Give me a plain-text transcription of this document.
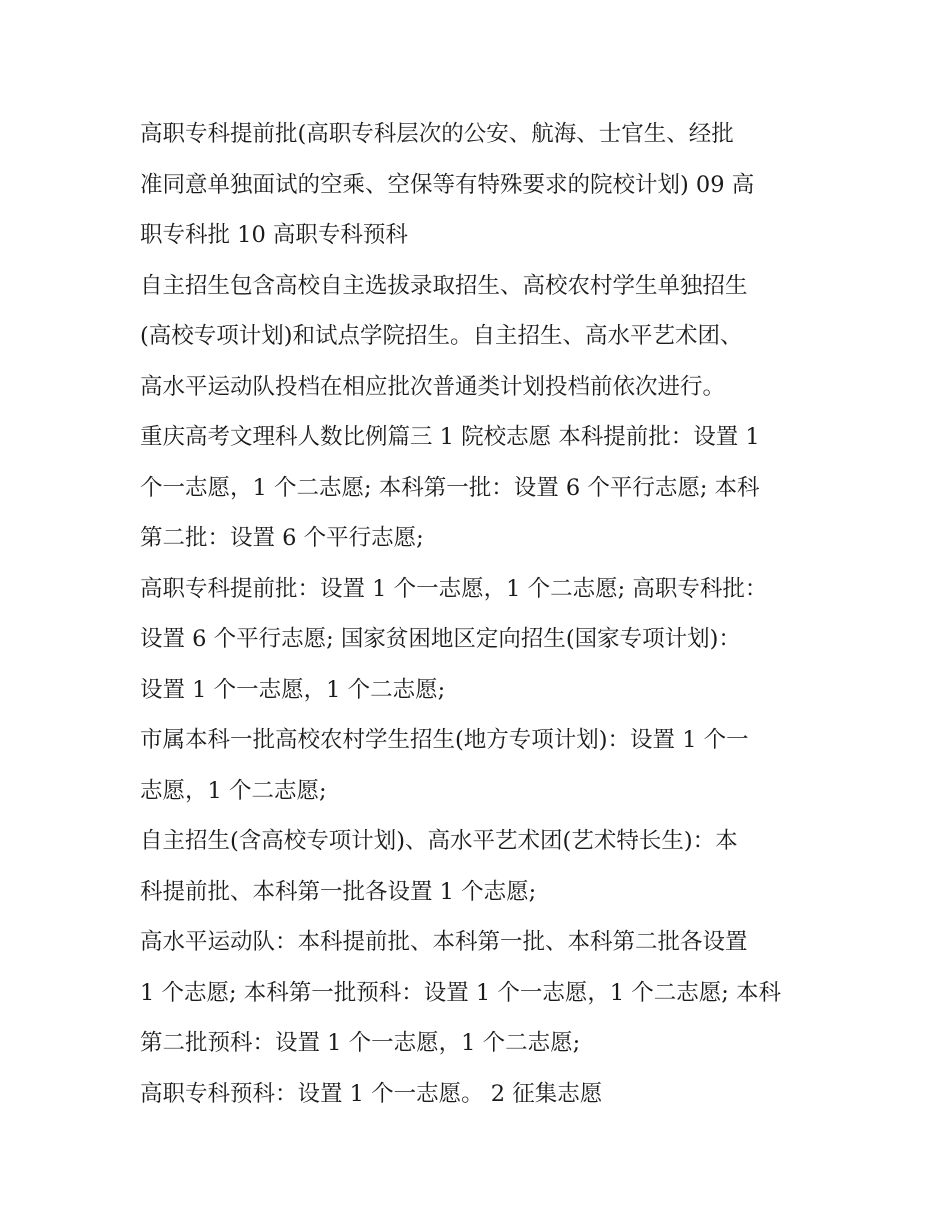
高职专科提前批(高职专科层次的公安、航海、士官生、经批
准同意单独面试的空乘、空保等有特殊要求的院校计划) 09 高
职专科批 10 高职专科预科

自主招生包含高校自主选拔录取招生、高校农村学生单独招生
(高校专项计划)和试点学院招生。自主招生、高水平艺术团、
高水平运动队投档在相应批次普通类计划投档前依次进行。

重庆高考文理科人数比例篇三 1 院校志愿 本科提前批：设置 1
个一志愿，1 个二志愿; 本科第一批：设置 6 个平行志愿; 本科
第二批：设置 6 个平行志愿;

高职专科提前批：设置 1 个一志愿，1 个二志愿; 高职专科批：
设置 6 个平行志愿; 国家贫困地区定向招生(国家专项计划)：
设置 1 个一志愿，1 个二志愿;

市属本科一批高校农村学生招生(地方专项计划)：设置 1 个一
志愿，1 个二志愿;

自主招生(含高校专项计划)、高水平艺术团(艺术特长生)：本
科提前批、本科第一批各设置 1 个志愿;

高水平运动队：本科提前批、本科第一批、本科第二批各设置
1 个志愿; 本科第一批预科：设置 1 个一志愿，1 个二志愿; 本科
第二批预科：设置 1 个一志愿，1 个二志愿;

高职专科预科：设置 1 个一志愿。 2 征集志愿
